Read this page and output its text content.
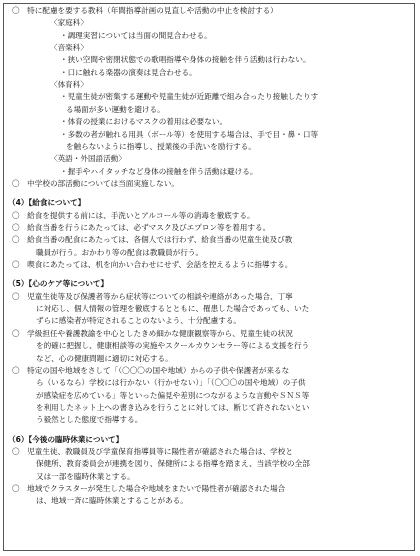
〇　特に配慮を要する教科（年間指導計画の見直しや活動の中止を検討する）
〈家庭科〉
・調理実習については当面の間見合わせる。
〈音楽科〉
・狭い空間や密閉状態での歌唱指導や身体の接触を伴う活動は行わない。
・口に触れる楽器の演奏は見合わせる。
〈体育科〉
・児童生徒が密集する運動や児童生徒が近距離で組み合ったり接触したりす
る場面が多い運動を避ける。
・体育の授業におけるマスクの着用は必要ない。
・多数の者が触れる用具（ボール等）を使用する場合は、手で目・鼻・口等
を触らないように指導し、授業後の手洗いを励行する。
〈英語・外国語活動〉
・握手やハイタッチなど身体の接触を伴う活動は避ける。
〇　中学校の部活動については当面実施しない。
（4）【給食について】
〇　給食を提供する前には、手洗いとアルコール等の消毒を徹底する。
〇　給食当番を行うにあたっては、必ずマスク及びエプロン等を着用する。
〇　給食当番の配食にあたっては、各個人では行わず、給食当番の児童生徒及び教
職員が行う。おかわり等の配食は教職員が行う。
〇　喫食にあたっては、机を向かい合わせにせず、会話を控えるように指導する。
（5）【心のケア等について】
〇　児童生徒等及び保護者等から症状等についての相談や連絡があった場合、丁寧
に対応し、個人情報の管理を徹底するとともに、罹患した場合であっても、いた
ずらに感染者が特定されることのないよう、十分配慮する。
〇　学級担任や養護教諭を中心としたきめ細かな健康観察等から、児童生徒の状況
を的確に把握し、健康相談等の実施やスクールカウンセラー等による支援を行う
など、心の健康問題に適切に対応する。
〇　特定の国や地域をさして「（〇〇〇の国や地域）からの子供や保護者が来るな
ら（いるなら）学校には行かない（行かせない）」「（〇〇〇の国や地域）の子供
が感染症を広めている」等といった偏見や差別につながるような言動やＳＮＳ等
を利用したネット上への書き込みを行うことに対しては、断じて許されないとい
う毅然とした態度で指導する。
（6）【今後の臨時休業について】
〇　児童生徒、教職員及び学童保育指導員等に陽性者が確認された場合は、学校と
保健所、教育委員会が連携を図り、保健所による指導を踏まえ、当該学校の全部
又は一部を臨時休業とする。
〇　地域でクラスターが発生した場合や地域をまたいで陽性者が確認された場合
は、地域一斉に臨時休業とすることがある。
